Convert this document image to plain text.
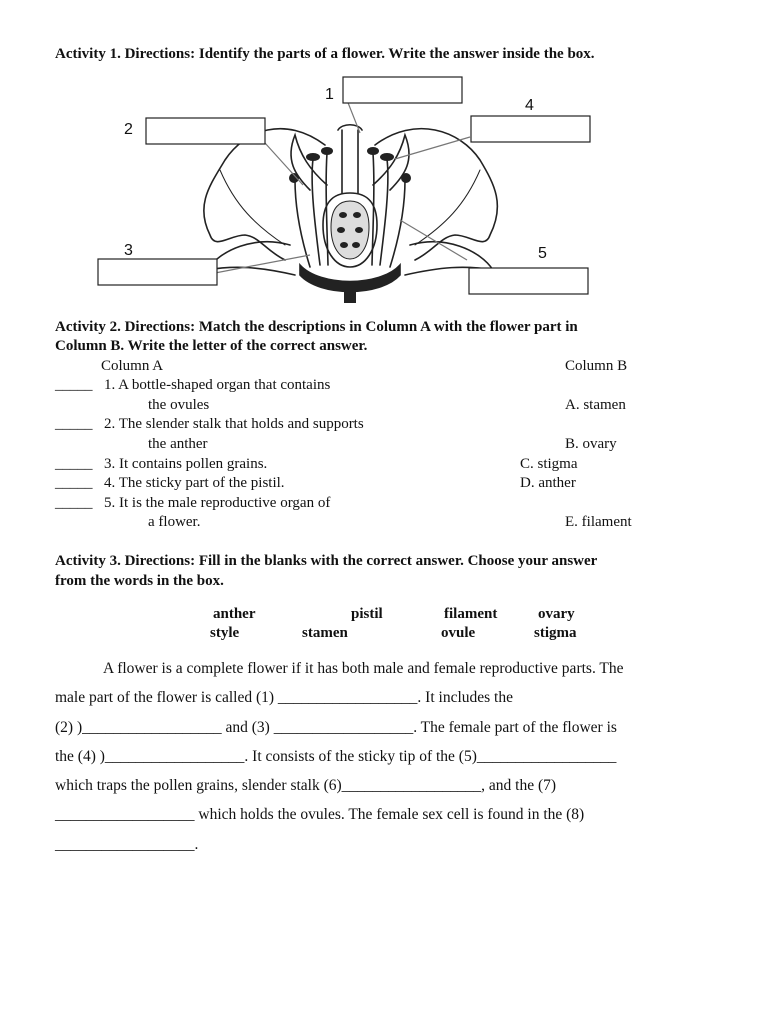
Activity 1. Directions: Identify the parts of a flower. Write the answer inside the box.
1
2
3
4
5
Activity 2. Directions: Match the descriptions in Column A with the flower part in
Column B. Write the letter of the correct answer.
Column A	Column B
_____ 1. A bottle-shaped organ that contains
the ovules	A. stamen
_____ 2. The slender stalk that holds and supports
the anther	B. ovary
_____ 3. It contains pollen grains.	C. stigma
_____ 4. The sticky part of the pistil.	D. anther
_____ 5. It is the male reproductive organ of
a flower.	E. filament
Activity 3. Directions: Fill in the blanks with the correct answer. Choose your answer
from the words in the box.
anther	pistil	filament	ovary
style	stamen	ovule	stigma
A flower is a complete flower if it has both male and female reproductive parts. The
male part of the flower is called (1) __________________. It includes the
(2) )__________________ and (3) __________________. The female part of the flower is
the (4) )__________________. It consists of the sticky tip of the (5)__________________
which traps the pollen grains, slender stalk (6)__________________, and the (7)
__________________ which holds the ovules. The female sex cell is found in the (8)
__________________.
